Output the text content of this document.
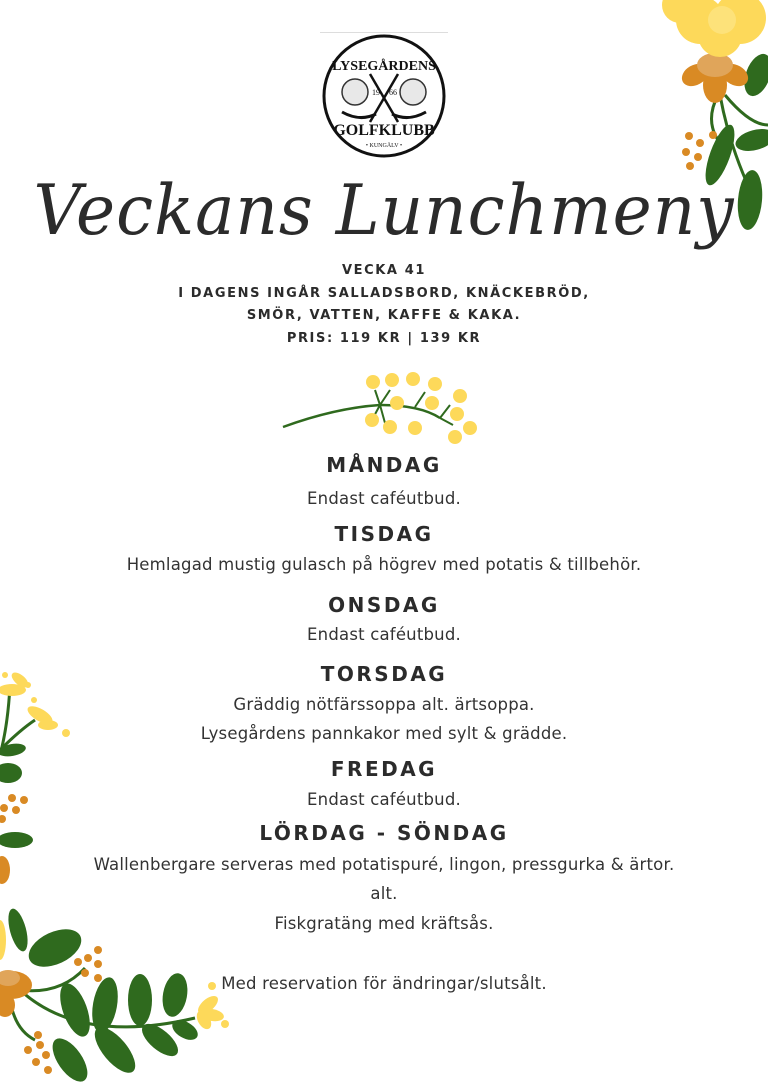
LYSEGÅRDENS
19 66
GOLFKLUBB
• KUNGÄLV •
Veckans Lunchmeny
VECKA 41
I DAGENS INGÅR SALLADSBORD, KNÄCKEBRÖD,
SMÖR, VATTEN, KAFFE & KAKA.
PRIS: 119 KR | 139 KR
MÅNDAG
Endast caféutbud.
TISDAG
Hemlagad mustig gulasch på högrev med potatis & tillbehör.
ONSDAG
Endast caféutbud.
TORSDAG
Gräddig nötfärssoppa alt. ärtsoppa.
Lysegårdens pannkakor med sylt & grädde.
FREDAG
Endast caféutbud.
LÖRDAG - SÖNDAG
Wallenbergare serveras med potatispuré, lingon, pressgurka & ärtor.
alt.
Fiskgratäng med kräftsås.
Med reservation för ändringar/slutsålt.
